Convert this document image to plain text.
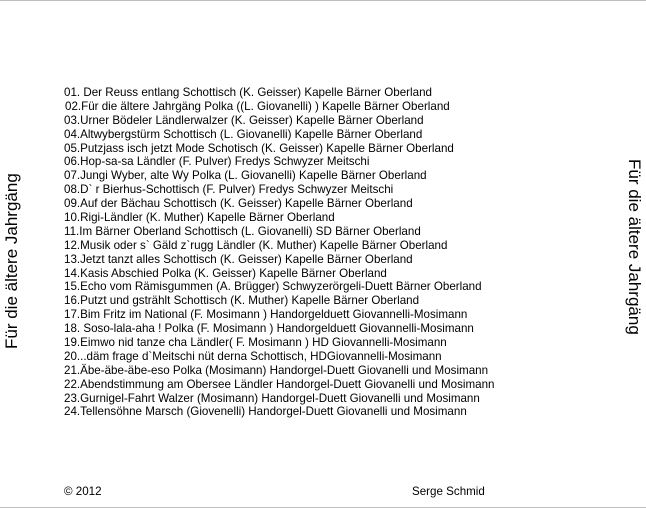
Für die ältere Jahrgäng	Für die ältere Jahrgäng
01. Der Reuss entlang Schottisch (K. Geisser) Kapelle Bärner Oberland
02.Für die ältere Jahrgäng Polka ((L. Giovanelli) ) Kapelle Bärner Oberland
03.Urner Bödeler Ländlerwalzer (K. Geisser) Kapelle Bärner Oberland
04.Altwybergstürm Schottisch (L. Giovanelli) Kapelle Bärner Oberland
05.Putzjass isch jetzt Mode Schotisch (K. Geisser) Kapelle Bärner Oberland
06.Hop-sa-sa Ländler (F. Pulver) Fredys Schwyzer Meitschi
07.Jungi Wyber, alte Wy Polka (L. Giovanelli) Kapelle Bärner Oberland
08.D` r Bierhus-Schottisch (F. Pulver) Fredys Schwyzer Meitschi
09.Auf der Bächau Schottisch (K. Geisser) Kapelle Bärner Oberland
10.Rigi-Ländler (K. Muther) Kapelle Bärner Oberland
11.Im Bärner Oberland Schottisch (L. Giovanelli) SD Bärner Oberland
12.Musik oder s` Gäld z`rugg Ländler (K. Muther) Kapelle Bärner Oberland
13.Jetzt tanzt alles Schottisch (K. Geisser) Kapelle Bärner Oberland
14.Kasis Abschied Polka (K. Geisser) Kapelle Bärner Oberland
15.Echo vom Rämisgummen (A. Brügger) Schwyzerörgeli-Duett Bärner Oberland
16.Putzt und gstrählt Schottisch (K. Muther) Kapelle Bärner Oberland
17.Bim Fritz im National (F. Mosimann ) Handorgelduett Giovannelli-Mosimann
18. Soso-lala-aha ! Polka (F. Mosimann ) Handorgelduett Giovannelli-Mosimann
19.Eimwo nid tanze cha Ländler( F. Mosimann ) HD Giovannelli-Mosimann
20...däm frage d`Meitschi nüt derna Schottisch, HDGiovannelli-Mosimann
21.Äbe-äbe-äbe-eso Polka (Mosimann) Handorgel-Duett Giovanelli und Mosimann
22.Abendstimmung am Obersee Ländler Handorgel-Duett Giovanelli und Mosimann
23.Gurnigel-Fahrt Walzer (Mosimann) Handorgel-Duett Giovanelli und Mosimann
24.Tellensöhne Marsch (Giovenelli) Handorgel-Duett Giovanelli und Mosimann
© 2012	Serge Schmid
